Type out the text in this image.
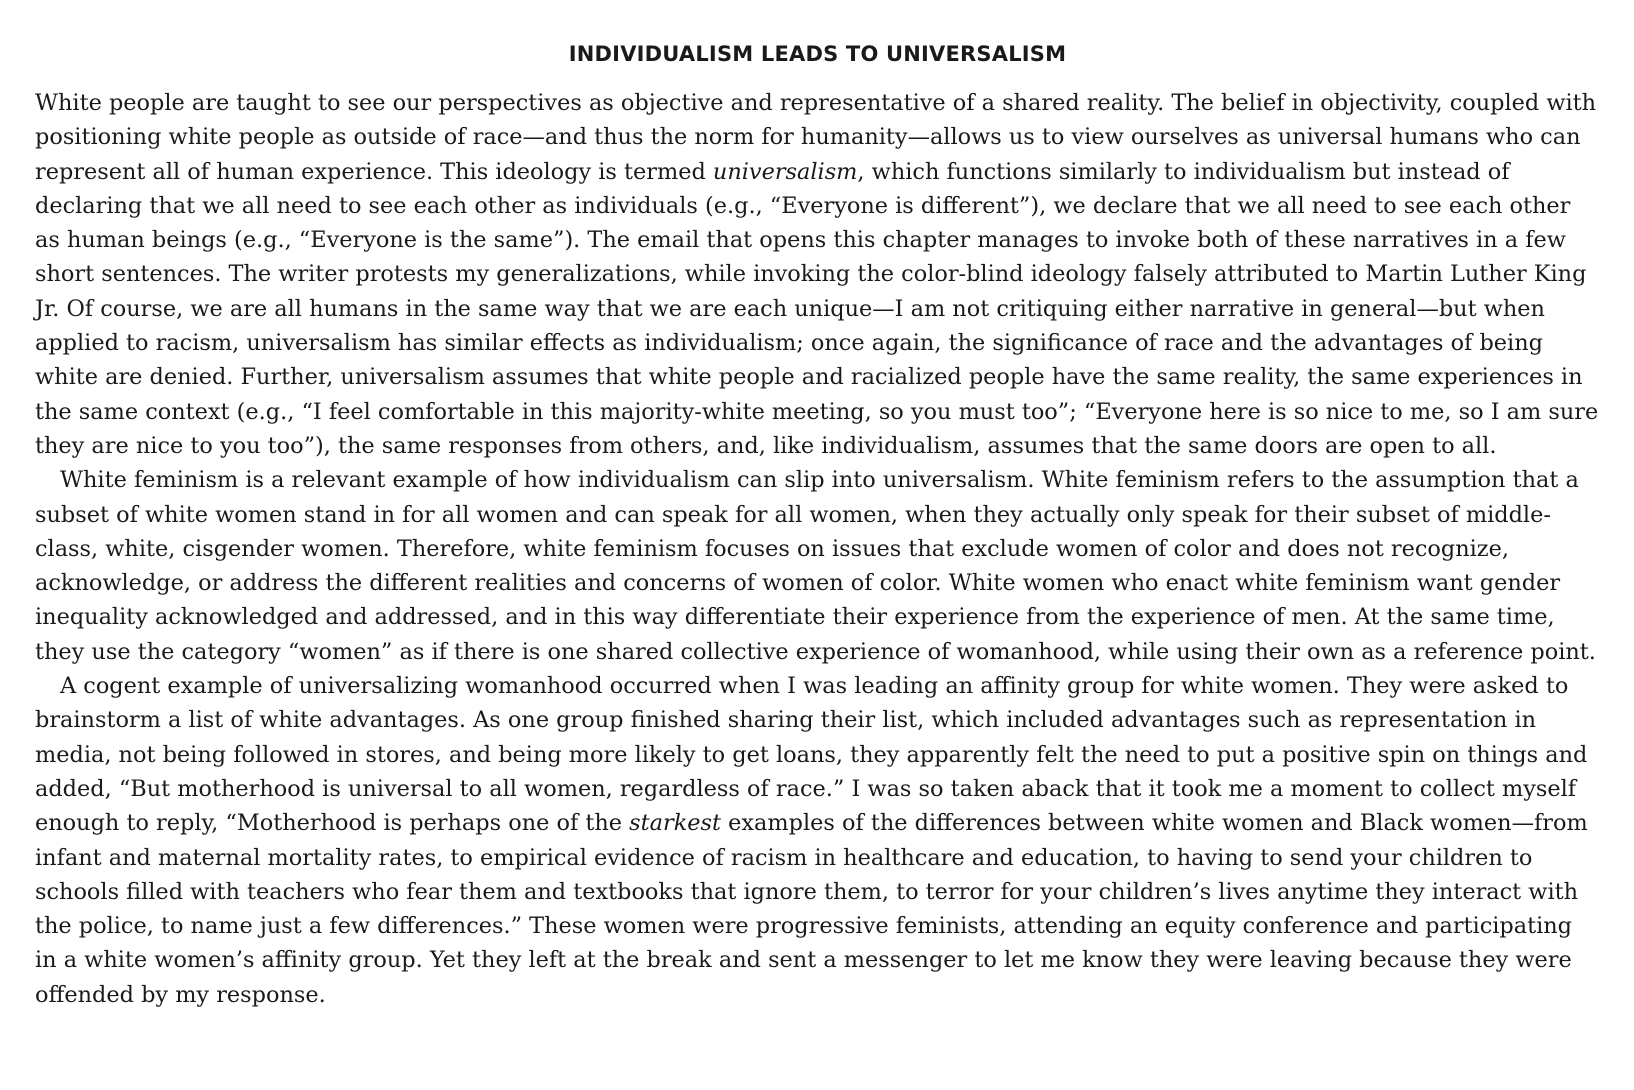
INDIVIDUALISM LEADS TO UNIVERSALISM

White people are taught to see our perspectives as objective and representative of a shared reality. The belief in objectivity, coupled with positioning white people as outside of race—and thus the norm for humanity—allows us to view ourselves as universal humans who can represent all of human experience. This ideology is termed universalism, which functions similarly to individualism but instead of declaring that we all need to see each other as individuals (e.g., “Everyone is different”), we declare that we all need to see each other as human beings (e.g., “Everyone is the same”). The email that opens this chapter manages to invoke both of these narratives in a few short sentences. The writer protests my generalizations, while invoking the color-blind ideology falsely attributed to Martin Luther King Jr. Of course, we are all humans in the same way that we are each unique—I am not critiquing either narrative in general—but when applied to racism, universalism has similar effects as individualism; once again, the significance of race and the advantages of being white are denied. Further, universalism assumes that white people and racialized people have the same reality, the same experiences in the same context (e.g., “I feel comfortable in this majority-white meeting, so you must too”; “Everyone here is so nice to me, so I am sure they are nice to you too”), the same responses from others, and, like individualism, assumes that the same doors are open to all.

White feminism is a relevant example of how individualism can slip into universalism. White feminism refers to the assumption that a subset of white women stand in for all women and can speak for all women, when they actually only speak for their subset of middle-class, white, cisgender women. Therefore, white feminism focuses on issues that exclude women of color and does not recognize, acknowledge, or address the different realities and concerns of women of color. White women who enact white feminism want gender inequality acknowledged and addressed, and in this way differentiate their experience from the experience of men. At the same time, they use the category “women” as if there is one shared collective experience of womanhood, while using their own as a reference point.

A cogent example of universalizing womanhood occurred when I was leading an affinity group for white women. They were asked to brainstorm a list of white advantages. As one group finished sharing their list, which included advantages such as representation in media, not being followed in stores, and being more likely to get loans, they apparently felt the need to put a positive spin on things and added, “But motherhood is universal to all women, regardless of race.” I was so taken aback that it took me a moment to collect myself enough to reply, “Motherhood is perhaps one of the starkest examples of the differences between white women and Black women—from infant and maternal mortality rates, to empirical evidence of racism in healthcare and education, to having to send your children to schools filled with teachers who fear them and textbooks that ignore them, to terror for your children’s lives anytime they interact with the police, to name just a few differences.” These women were progressive feminists, attending an equity conference and participating in a white women’s affinity group. Yet they left at the break and sent a messenger to let me know they were leaving because they were offended by my response.
